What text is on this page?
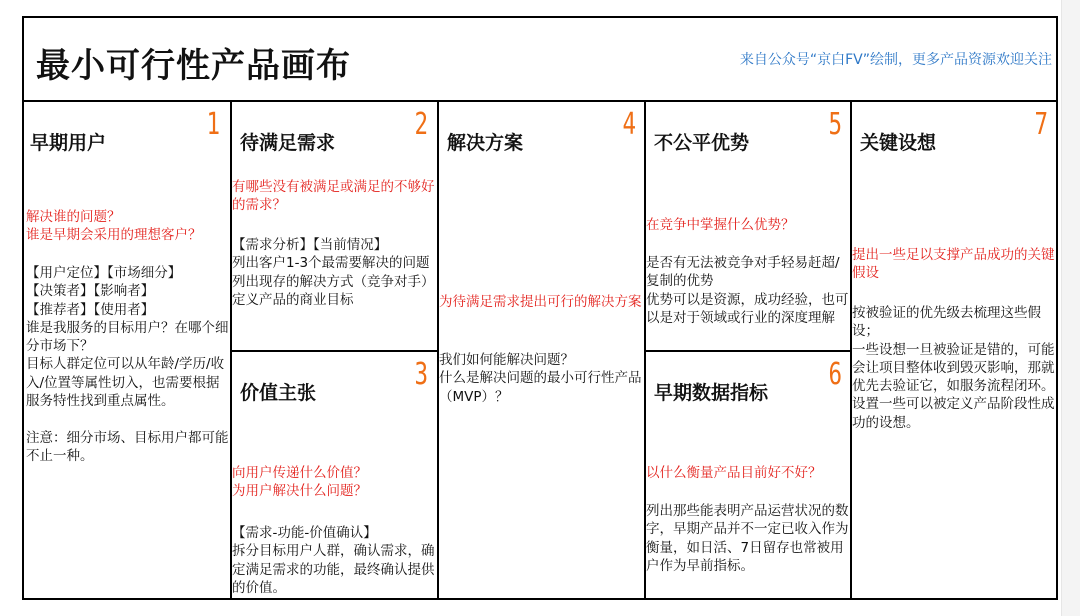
最小可行性产品画布	来自公众号“京白FV”绘制，更多产品资源欢迎关注
早期用户
1
解决谁的问题？
谁是早期会采用的理想客户？
【用户定位】【市场细分】
【决策者】【影响者】
【推荐者】【使用者】
谁是我服务的目标用户？在哪个细分市场下？
目标人群定位可以从年龄/学历/收入/位置等属性切入，也需要根据服务特性找到重点属性。

注意：细分市场、目标用户都可能不止一种。
待满足需求
2
有哪些没有被满足或满足的不够好的需求？
【需求分析】【当前情况】
列出客户1-3个最需要解决的问题
列出现存的解决方式（竞争对手）
定义产品的商业目标
价值主张
3
向用户传递什么价值？
为用户解决什么问题？
【需求-功能-价值确认】
拆分目标用户人群，确认需求，确定满足需求的功能，最终确认提供的价值。
解决方案
4
为待满足需求提出可行的解决方案
我们如何能解决问题？
什么是解决问题的最小可行性产品（MVP）？
不公平优势
5
在竞争中掌握什么优势？
是否有无法被竞争对手轻易赶超/复制的优势
优势可以是资源，成功经验，也可以是对于领域或行业的深度理解
早期数据指标
6
以什么衡量产品目前好不好？
列出那些能表明产品运营状况的数字，早期产品并不一定已收入作为衡量，如日活、7日留存也常被用户作为早前指标。
关键设想
7
提出一些足以支撑产品成功的关键假设
按被验证的优先级去梳理这些假设；
一些设想一旦被验证是错的，可能会让项目整体收到毁灭影响，那就优先去验证它，如服务流程闭环。
设置一些可以被定义产品阶段性成功的设想。
